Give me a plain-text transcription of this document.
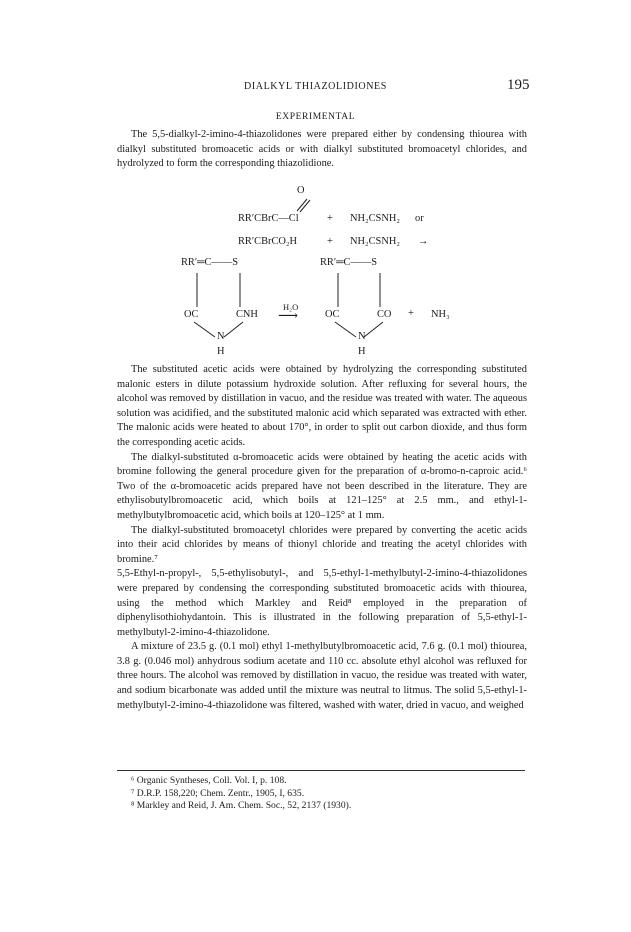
DIALKYL THIAZOLIDIONES	195
EXPERIMENTAL

The 5,5-dialkyl-2-imino-4-thiazolidones were prepared either by condensing thiourea with dialkyl substituted bromoacetic acids or with dialkyl substituted bromoacetyl chlorides, and hydrolyzed to form the corresponding thiazolidione.

O
RR′CBrC—Cl	+ NH₂CSNH₂ or
RR′CBrCO₂H	+ NH₂CSNH₂ →
RR′═C——S
OC	CNH
N
H
H₂O
⟶
RR′═C——S
OC	CO
N
H
+ NH₃

The substituted acetic acids were obtained by hydrolyzing the corresponding substituted malonic esters in dilute potassium hydroxide solution. After refluxing for several hours, the alcohol was removed by distillation in vacuo, and the residue was treated with water. The aqueous solution was acidified, and the substituted malonic acid which separated was extracted with ether. The malonic acids were heated to about 170°, in order to split out carbon dioxide, and thus form the corresponding acetic acids.

The dialkyl-substituted α-bromoacetic acids were obtained by heating the acetic acids with bromine following the general procedure given for the preparation of α-bromo-n-caproic acid.⁶ Two of the α-bromoacetic acids prepared have not been described in the literature. They are ethylisobutylbromoacetic acid, which boils at 121–125° at 2.5 mm., and ethyl-1-methylbutylbromoacetic acid, which boils at 120–125° at 1 mm.

The dialkyl-substituted bromoacetyl chlorides were prepared by converting the acetic acids into their acid chlorides by means of thionyl chloride and treating the acetyl chlorides with bromine.⁷

5,5-Ethyl-n-propyl-, 5,5-ethylisobutyl-, and 5,5-ethyl-1-methylbutyl-2-imino-4-thiazolidones were prepared by condensing the corresponding substituted bromoacetic acids with thiourea, using the method which Markley and Reid⁸ employed in the preparation of diphenylisothiohydantoin. This is illustrated in the following preparation of 5,5-ethyl-1-methylbutyl-2-imino-4-thiazolidone.

A mixture of 23.5 g. (0.1 mol) ethyl 1-methylbutylbromoacetic acid, 7.6 g. (0.1 mol) thiourea, 3.8 g. (0.046 mol) anhydrous sodium acetate and 110 cc. absolute ethyl alcohol was refluxed for three hours. The alcohol was removed by distillation in vacuo, the residue was treated with water, and sodium bicarbonate was added until the mixture was neutral to litmus. The solid 5,5-ethyl-1-methylbutyl-2-imino-4-thiazolidone was filtered, washed with water, dried in vacuo, and weighed

⁶ Organic Syntheses, Coll. Vol. I, p. 108.
⁷ D.R.P. 158,220; Chem. Zentr., 1905, I, 635.
⁸ Markley and Reid, J. Am. Chem. Soc., 52, 2137 (1930).
